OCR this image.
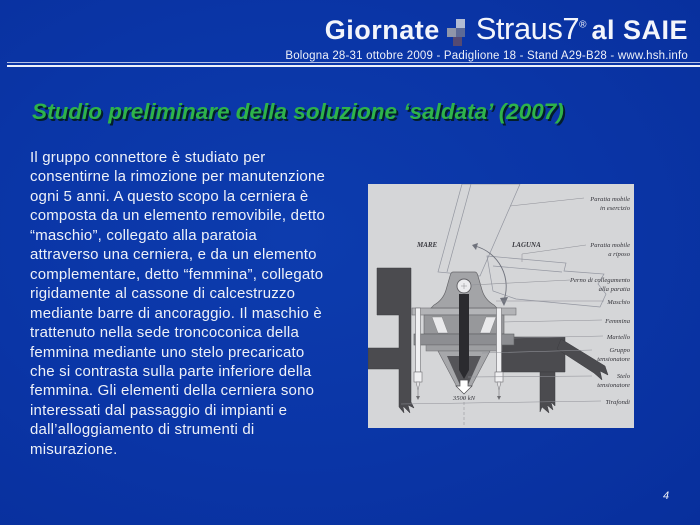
Giornate Straus7® al SAIE
Bologna 28-31 ottobre 2009 - Padiglione 18 - Stand A29-B28 - www.hsh.info
Studio preliminare della soluzione ‘saldata’ (2007)
Il gruppo connettore è studiato per
consentirne la rimozione per manutenzione
ogni 5 anni. A questo scopo la cerniera è
composta da un elemento removibile, detto
“maschio”, collegato alla paratoia
attraverso una cerniera, e da un elemento
complementare, detto “femmina”, collegato
rigidamente al cassone di calcestruzzo
mediante barre di ancoraggio. Il maschio è
trattenuto nella sede troncoconica della
femmina mediante uno stelo precaricato
che si contrasta sulla parte inferiore della
femmina. Gli elementi della cerniera sono
interessati dal passaggio di impianti e
dall’alloggiamento di strumenti di
misurazione.
MARE	LAGUNA
3500 kN
Paratia mobile
in esercizio
Paratia mobile
a riposo
Perno di collegamento
alla paratia
Maschio
Femmina
Martello
Gruppo
tensionatore
Stelo
tensionatore
Tirafondi
4
